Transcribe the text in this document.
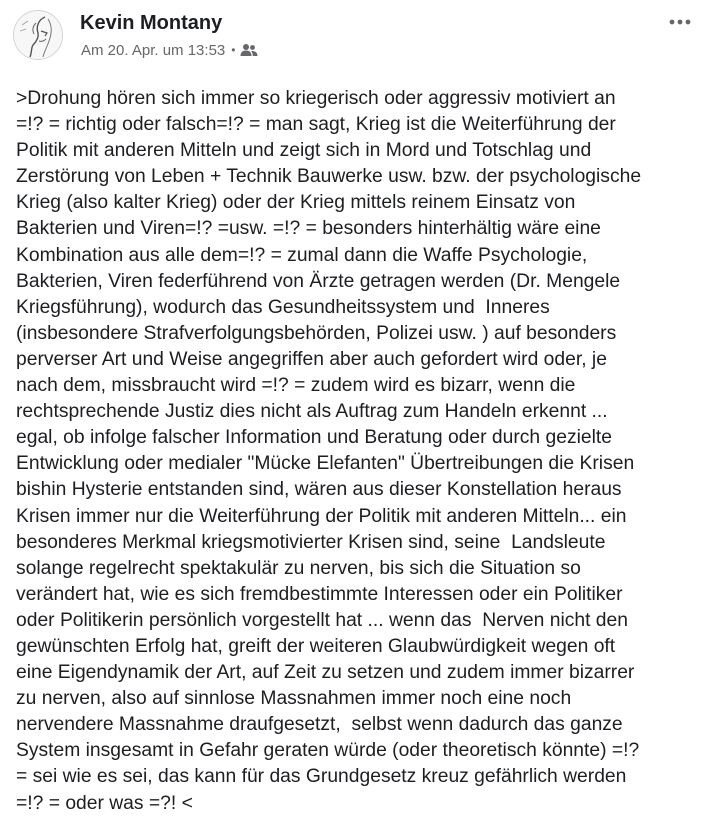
Kevin Montany
Am 20. Apr. um 13:53 •

>Drohung hören sich immer so kriegerisch oder aggressiv motiviert an
=!? = richtig oder falsch=!? = man sagt, Krieg ist die Weiterführung der
Politik mit anderen Mitteln und zeigt sich in Mord und Totschlag und
Zerstörung von Leben + Technik Bauwerke usw. bzw. der psychologische
Krieg (also kalter Krieg) oder der Krieg mittels reinem Einsatz von
Bakterien und Viren=!? =usw. =!? = besonders hinterhältig wäre eine
Kombination aus alle dem=!? = zumal dann die Waffe Psychologie,
Bakterien, Viren federführend von Ärzte getragen werden (Dr. Mengele
Kriegsführung), wodurch das Gesundheitssystem und  Inneres
(insbesondere Strafverfolgungsbehörden, Polizei usw. ) auf besonders
perverser Art und Weise angegriffen aber auch gefordert wird oder, je
nach dem, missbraucht wird =!? = zudem wird es bizarr, wenn die
rechtsprechende Justiz dies nicht als Auftrag zum Handeln erkennt ...
egal, ob infolge falscher Information und Beratung oder durch gezielte
Entwicklung oder medialer "Mücke Elefanten" Übertreibungen die Krisen
bishin Hysterie entstanden sind, wären aus dieser Konstellation heraus
Krisen immer nur die Weiterführung der Politik mit anderen Mitteln... ein
besonderes Merkmal kriegsmotivierter Krisen sind, seine  Landsleute
solange regelrecht spektakulär zu nerven, bis sich die Situation so
verändert hat, wie es sich fremdbestimmte Interessen oder ein Politiker
oder Politikerin persönlich vorgestellt hat ... wenn das  Nerven nicht den
gewünschten Erfolg hat, greift der weiteren Glaubwürdigkeit wegen oft
eine Eigendynamik der Art, auf Zeit zu setzen und zudem immer bizarrer
zu nerven, also auf sinnlose Massnahmen immer noch eine noch
nervendere Massnahme draufgesetzt,  selbst wenn dadurch das ganze
System insgesamt in Gefahr geraten würde (oder theoretisch könnte) =!?
= sei wie es sei, das kann für das Grundgesetz kreuz gefährlich werden
=!? = oder was =?! <
